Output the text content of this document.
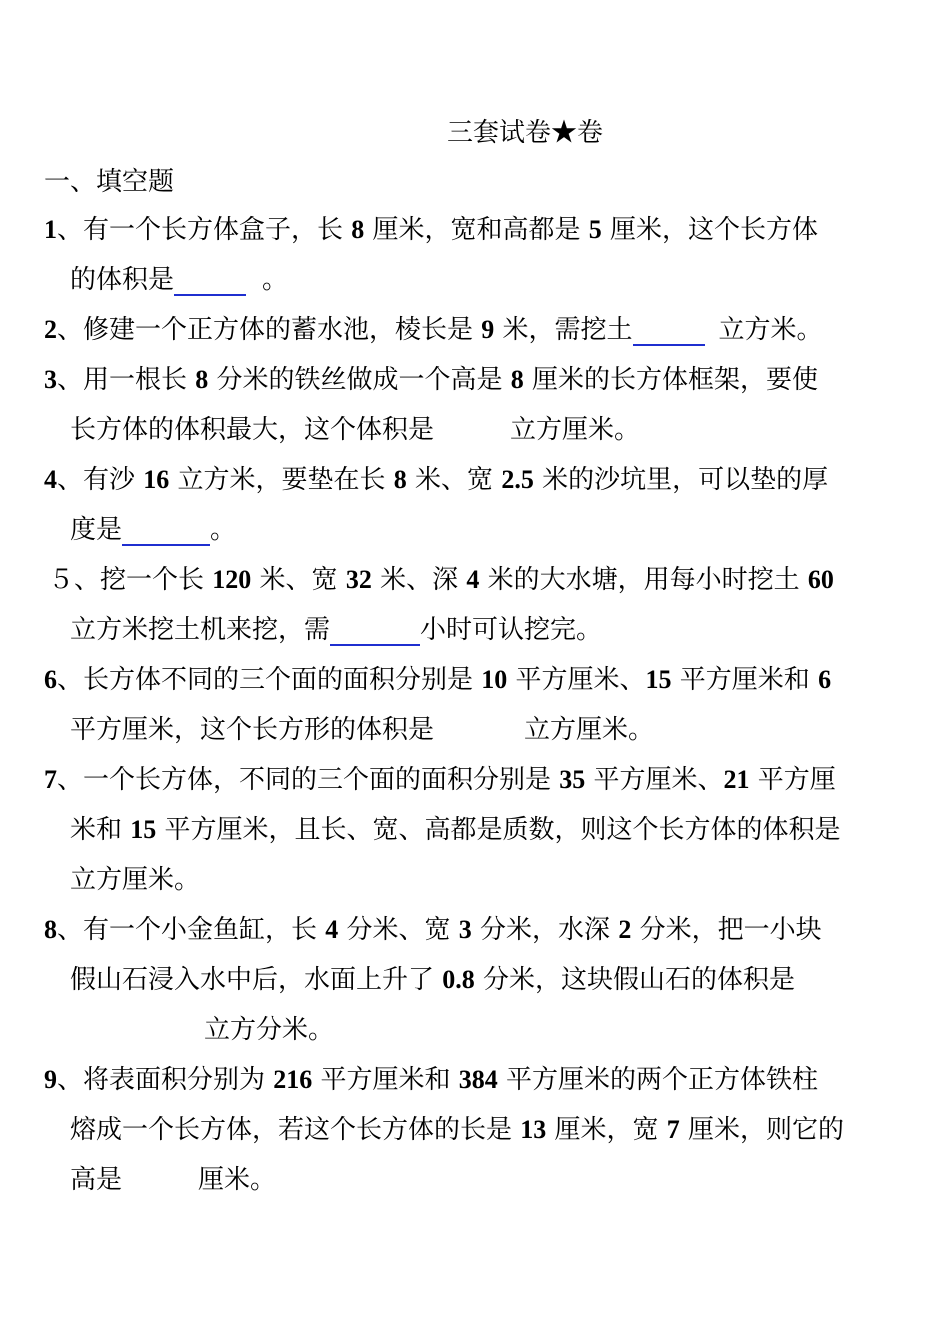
三套试卷★卷
一、填空题
1、有一个长方体盒子，长 8 厘米，宽和高都是 5 厘米，这个长方体
的体积是	。
2、修建一个正方体的蓄水池，棱长是 9 米，需挖土	立方米。
3、用一根长 8 分米的铁丝做成一个高是 8 厘米的长方体框架，要使
长方体的体积最大，这个体积是	立方厘米。
4、有沙 16 立方米，要垫在长 8 米、宽 2.5 米的沙坑里，可以垫的厚
度是	。
５、挖一个长 120 米、宽 32 米、深 4 米的大水塘，用每小时挖土 60
立方米挖土机来挖，需	小时可认挖完。
6、长方体不同的三个面的面积分别是 10 平方厘米、15 平方厘米和 6
平方厘米，这个长方形的体积是	立方厘米。
7、一个长方体，不同的三个面的面积分别是 35 平方厘米、21 平方厘
米和 15 平方厘米，且长、宽、高都是质数，则这个长方体的体积是
立方厘米。
8、有一个小金鱼缸，长 4 分米、宽 3 分米，水深 2 分米，把一小块
假山石浸入水中后，水面上升了 0.8 分米，这块假山石的体积是
立方分米。
9、将表面积分别为 216 平方厘米和 384 平方厘米的两个正方体铁柱
熔成一个长方体，若这个长方体的长是 13 厘米，宽 7 厘米，则它的
高是	厘米。
